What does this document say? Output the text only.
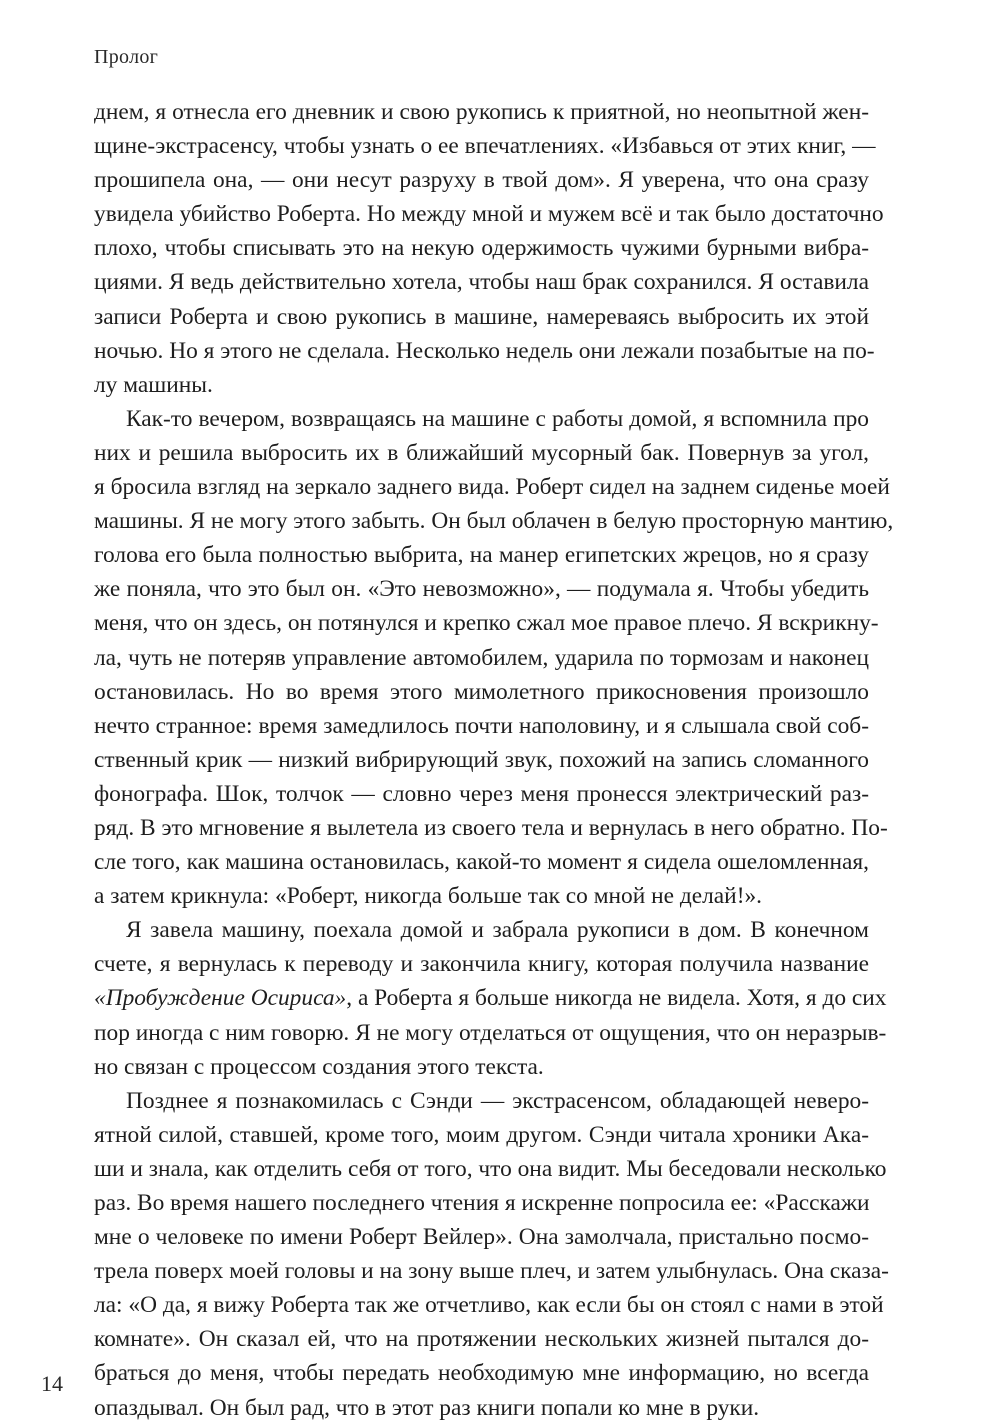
Пролог
днем, я отнесла его дневник и свою рукопись к приятной, но неопытной жен-
щине-экстрасенсу, чтобы узнать о ее впечатлениях. «Избавься от этих книг, —
прошипела она, — они несут разруху в твой дом». Я уверена, что она сразу
увидела убийство Роберта. Но между мной и мужем всё и так было достаточно
плохо, чтобы списывать это на некую одержимость чужими бурными вибра-
циями. Я ведь действительно хотела, чтобы наш брак сохранился. Я оставила
записи Роберта и свою рукопись в машине, намереваясь выбросить их этой
ночью. Но я этого не сделала. Несколько недель они лежали позабытые на по-
лу машины.
Как-то вечером, возвращаясь на машине с работы домой, я вспомнила про
них и решила выбросить их в ближайший мусорный бак. Повернув за угол,
я бросила взгляд на зеркало заднего вида. Роберт сидел на заднем сиденье моей
машины. Я не могу этого забыть. Он был облачен в белую просторную мантию,
голова его была полностью выбрита, на манер египетских жрецов, но я сразу
же поняла, что это был он. «Это невозможно», — подумала я. Чтобы убедить
меня, что он здесь, он потянулся и крепко сжал мое правое плечо. Я вскрикну-
ла, чуть не потеряв управление автомобилем, ударила по тормозам и наконец
остановилась. Но во время этого мимолетного прикосновения произошло
нечто странное: время замедлилось почти наполовину, и я слышала свой соб-
ственный крик — низкий вибрирующий звук, похожий на запись сломанного
фонографа. Шок, толчок — словно через меня пронесся электрический раз-
ряд. В это мгновение я вылетела из своего тела и вернулась в него обратно. По-
сле того, как машина остановилась, какой-то момент я сидела ошеломленная,
а затем крикнула: «Роберт, никогда больше так со мной не делай!».
Я завела машину, поехала домой и забрала рукописи в дом. В конечном
счете, я вернулась к переводу и закончила книгу, которая получила название
«Пробуждение Осириса», а Роберта я больше никогда не видела. Хотя, я до сих
пор иногда с ним говорю. Я не могу отделаться от ощущения, что он неразрыв-
но связан с процессом создания этого текста.
Позднее я познакомилась с Сэнди — экстрасенсом, обладающей неверо-
ятной силой, ставшей, кроме того, моим другом. Сэнди читала хроники Ака-
ши и знала, как отделить себя от того, что она видит. Мы беседовали несколько
раз. Во время нашего последнего чтения я искренне попросила ее: «Расскажи
мне о человеке по имени Роберт Вейлер». Она замолчала, пристально посмо-
трела поверх моей головы и на зону выше плеч, и затем улыбнулась. Она сказа-
ла: «О да, я вижу Роберта так же отчетливо, как если бы он стоял с нами в этой
комнате». Он сказал ей, что на протяжении нескольких жизней пытался до-
браться до меня, чтобы передать необходимую мне информацию, но всегда
опаздывал. Он был рад, что в этот раз книги попали ко мне в руки.
14
